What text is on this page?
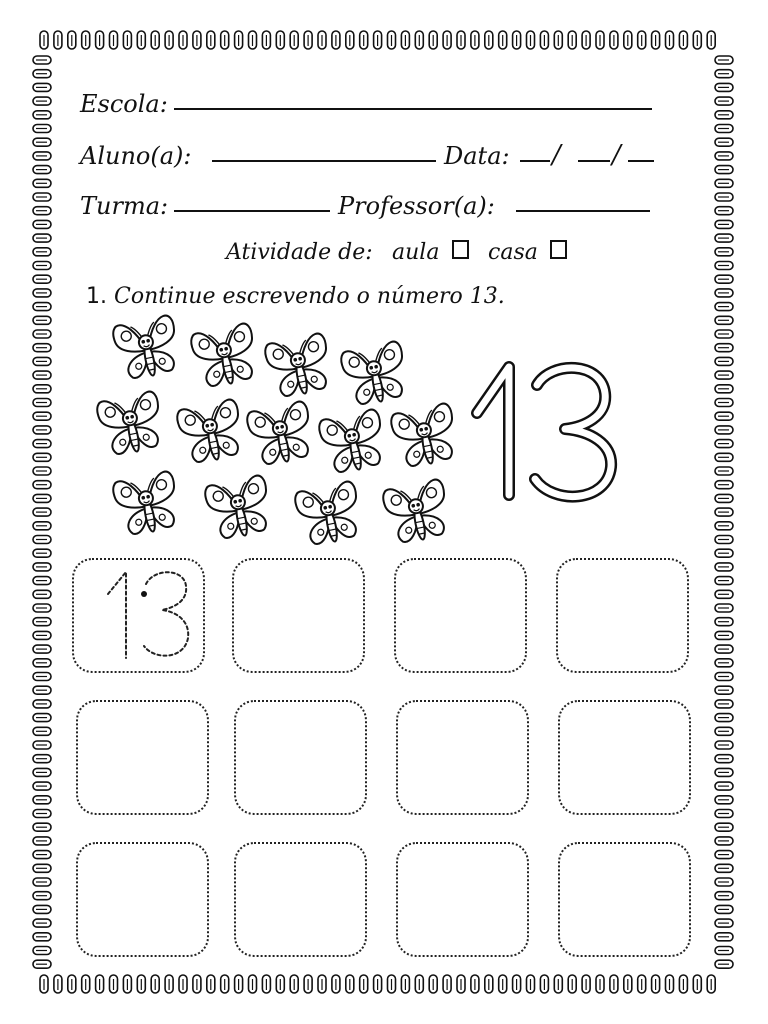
Escola:
Aluno(a):	Data: / /
Turma:	Professor(a):
Atividade de: aula casa
1. Continue escrevendo o número 13.
